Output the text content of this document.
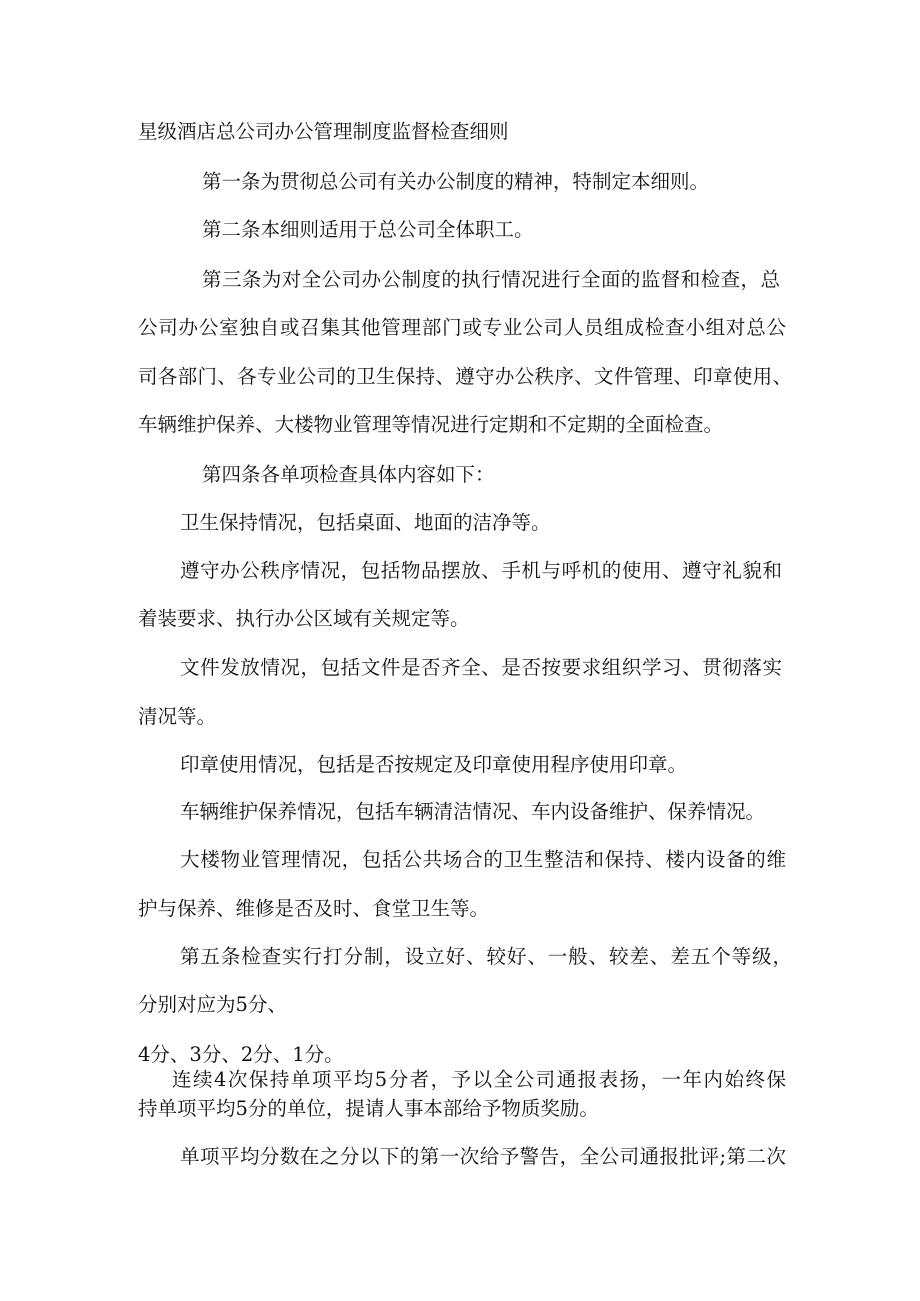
星级酒店总公司办公管理制度监督检查细则

第一条为贯彻总公司有关办公制度的精神，特制定本细则。

第二条本细则适用于总公司全体职工。

第三条为对全公司办公制度的执行情况进行全面的监督和检查，总

公司办公室独自或召集其他管理部门或专业公司人员组成检查小组对总公

司各部门、各专业公司的卫生保持、遵守办公秩序、文件管理、印章使用、

车辆维护保养、大楼物业管理等情况进行定期和不定期的全面检查。

第四条各单项检查具体内容如下：

卫生保持情况，包括桌面、地面的洁净等。

遵守办公秩序情况，包括物品摆放、手机与呼机的使用、遵守礼貌和

着装要求、执行办公区域有关规定等。

文件发放情况，包括文件是否齐全、是否按要求组织学习、贯彻落实

清况等。

印章使用情况，包括是否按规定及印章使用程序使用印章。

车辆维护保养情况，包括车辆清洁情况、车内设备维护、保养情况。

大楼物业管理情况，包括公共场合的卫生整洁和保持、楼内设备的维

护与保养、维修是否及时、食堂卫生等。

第五条检查实行打分制，设立好、较好、一般、较差、差五个等级，

分别对应为5分、

4分、3分、2分、1分。

连续4次保持单项平均5分者，予以全公司通报表扬，一年内始终保

持单项平均5分的单位，提请人事本部给予物质奖励。

单项平均分数在之分以下的第一次给予警告，全公司通报批评;第二次
